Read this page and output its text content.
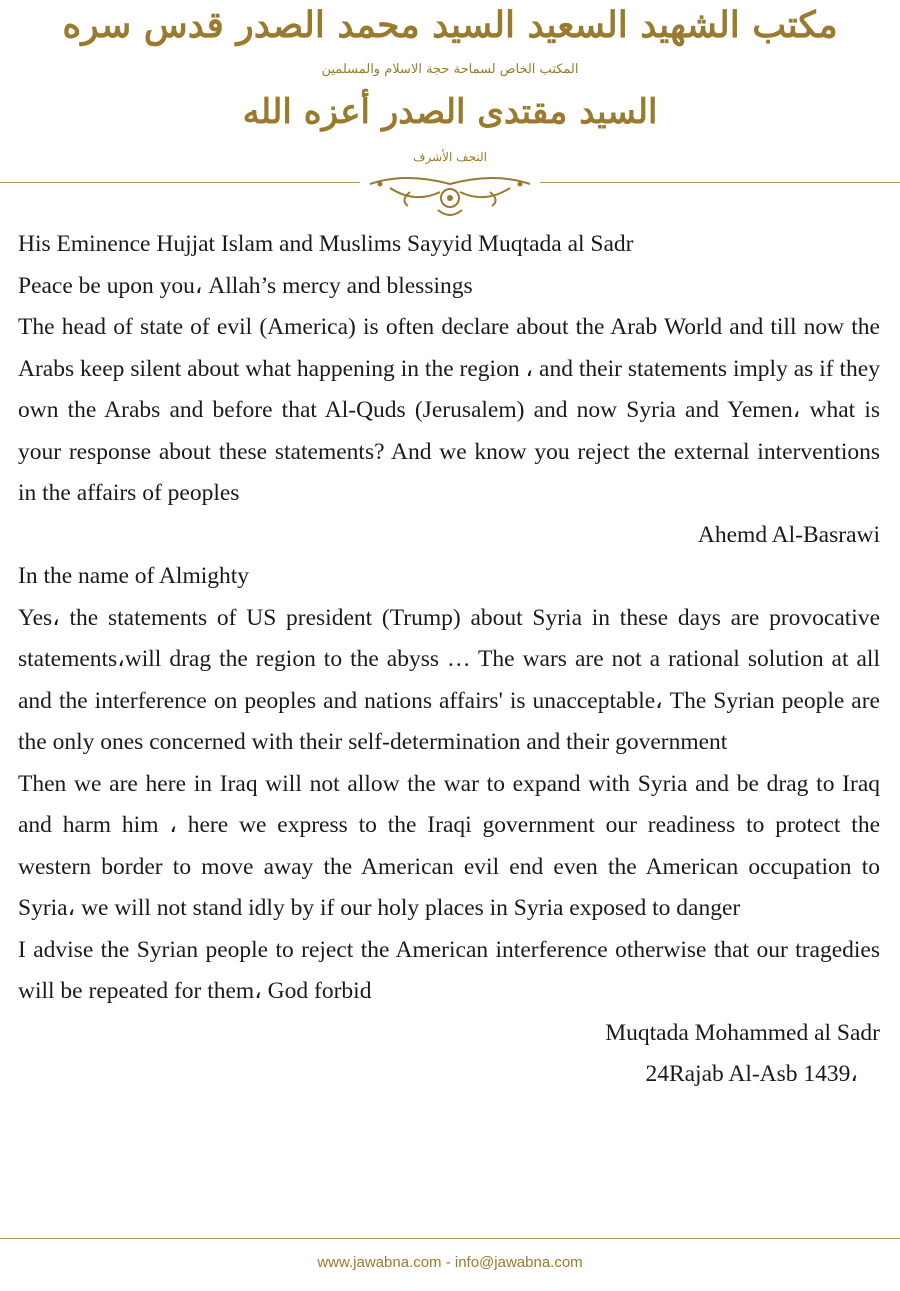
مكتب الشهيد السعيد السيد محمد الصدر قدس سره
المكتب الخاص لسماحة حجة الاسلام والمسلمين
السيد مقتدى الصدر أعزه الله
النجف الأشرف

His Eminence Hujjat Islam and Muslims Sayyid Muqtada al Sadr

Peace be upon you، Allah’s mercy and blessings

The head of state of evil (America) is often declare about the Arab World and till now the Arabs keep silent about what happening in the region ، and their statements imply as if they own the Arabs and before that Al-Quds (Jerusalem) and now Syria and Yemen، what is your response about these statements? And we know you reject the external interventions in the affairs of peoples

Ahemd Al-Basrawi

In the name of Almighty

Yes، the statements of US president (Trump) about Syria in these days are provocative statements،will drag the region to the abyss … The wars are not a rational solution at all and the interference on peoples and nations affairs' is unacceptable، The Syrian people are the only ones concerned with their self-determination and their government

Then we are here in Iraq will not allow the war to expand with Syria and be drag to Iraq and harm him ، here we express to the Iraqi government our readiness to protect the western border to move away the American evil end even the American occupation to Syria، we will not stand idly by if our holy places in Syria exposed to danger

I advise the Syrian people to reject the American interference otherwise that our tragedies will be repeated for them، God forbid

Muqtada Mohammed al Sadr

24Rajab Al-Asb 1439،

www.jawabna.com - info@jawabna.com
